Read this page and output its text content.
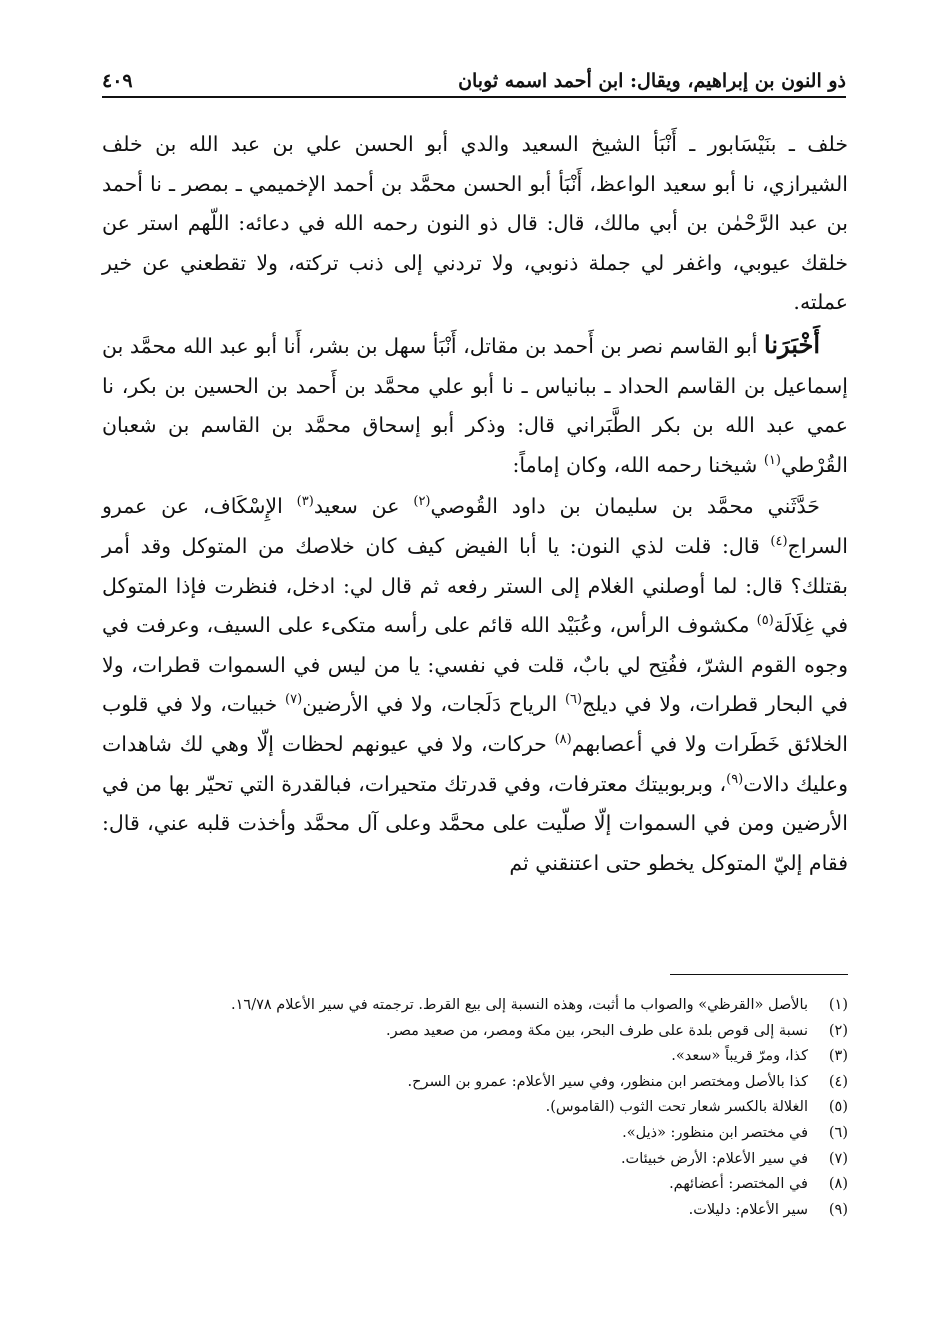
ذو النون بن إبراهيم، ويقال: ابن أحمد اسمه ثوبان
٤٠٩

خلف ـ بنَيْسَابور ـ أَنْبَأ الشيخ السعيد والدي أبو الحسن علي بن عبد الله بن خلف الشيرازي، نا أبو سعيد الواعظ، أَنْبَأ أبو الحسن محمَّد بن أحمد الإخميمي ـ بمصر ـ نا أحمد بن عبد الرَّحْمٰن بن أبي مالك، قال: قال ذو النون رحمه الله في دعائه: اللّهم استر عن خلقك عيوبي، واغفر لي جملة ذنوبي، ولا تردني إلى ذنب تركته، ولا تقطعني عن خير عملته.

أَخْبَرَنا أبو القاسم نصر بن أَحمد بن مقاتل، أَنْبَأ سهل بن بشر، أَنا أبو عبد الله محمَّد بن إسماعيل بن القاسم الحداد ـ ببانياس ـ نا أبو علي محمَّد بن أَحمد بن الحسين بن بكر، نا عمي عبد الله بن بكر الطَّبَراني قال: وذكر أبو إسحاق محمَّد بن القاسم بن شعبان القُرْطي$^{(١)}$ شيخنا رحمه الله، وكان إماماً:

حَدَّثَني محمَّد بن سليمان بن داود القُوصي$^{(٢)}$ عن سعيد$^{(٣)}$ الإِسْكَاف، عن عمرو السراج$^{(٤)}$ قال: قلت لذي النون: يا أبا الفيض كيف كان خلاصك من المتوكل وقد أمر بقتلك؟ قال: لما أوصلني الغلام إلى الستر رفعه ثم قال لي: ادخل، فنظرت فإذا المتوكل في غِلَالَة$^{(٥)}$ مكشوف الرأس، وعُبَيْد الله قائم على رأسه متكىء على السيف، وعرفت في وجوه القوم الشرّ، ففُتِح لي بابٌ، قلت في نفسي: يا من ليس في السموات قطرات، ولا في البحار قطرات، ولا في ديلج$^{(٦)}$ الرياح دَلَجات، ولا في الأرضين$^{(٧)}$ خبيات، ولا في قلوب الخلائق خَطَرات ولا في أعصابهم$^{(٨)}$ حركات، ولا في عيونهم لحظات إلّا وهي لك شاهدات وعليك دالات$^{(٩)}$، وبربوبيتك معترفات، وفي قدرتك متحيرات، فبالقدرة التي تحيّر بها من في الأرضين ومن في السموات إلّا صلّيت على محمَّد وعلى آل محمَّد وأخذت قلبه عني، قال: فقام إليّ المتوكل يخطو حتى اعتنقني ثم

(١)
بالأصل «القرظي» والصواب ما أثبت، وهذه النسبة إلى بيع القرط. ترجمته في سير الأعلام ١٦/٧٨.
(٢)
نسبة إلى قوص بلدة على طرف البحر، بين مكة ومصر، من صعيد مصر.
(٣)
كذا، ومرّ قريباً «سعد».
(٤)
كذا بالأصل ومختصر ابن منظور، وفي سير الأعلام: عمرو بن السرح.
(٥)
الغلالة بالكسر شعار تحت الثوب (القاموس).
(٦)
في مختصر ابن منظور: «ذيل».
(٧)
في سير الأعلام: الأرض خبيئات.
(٨)
في المختصر: أعضائهم.
(٩)
سير الأعلام: دليلات.
